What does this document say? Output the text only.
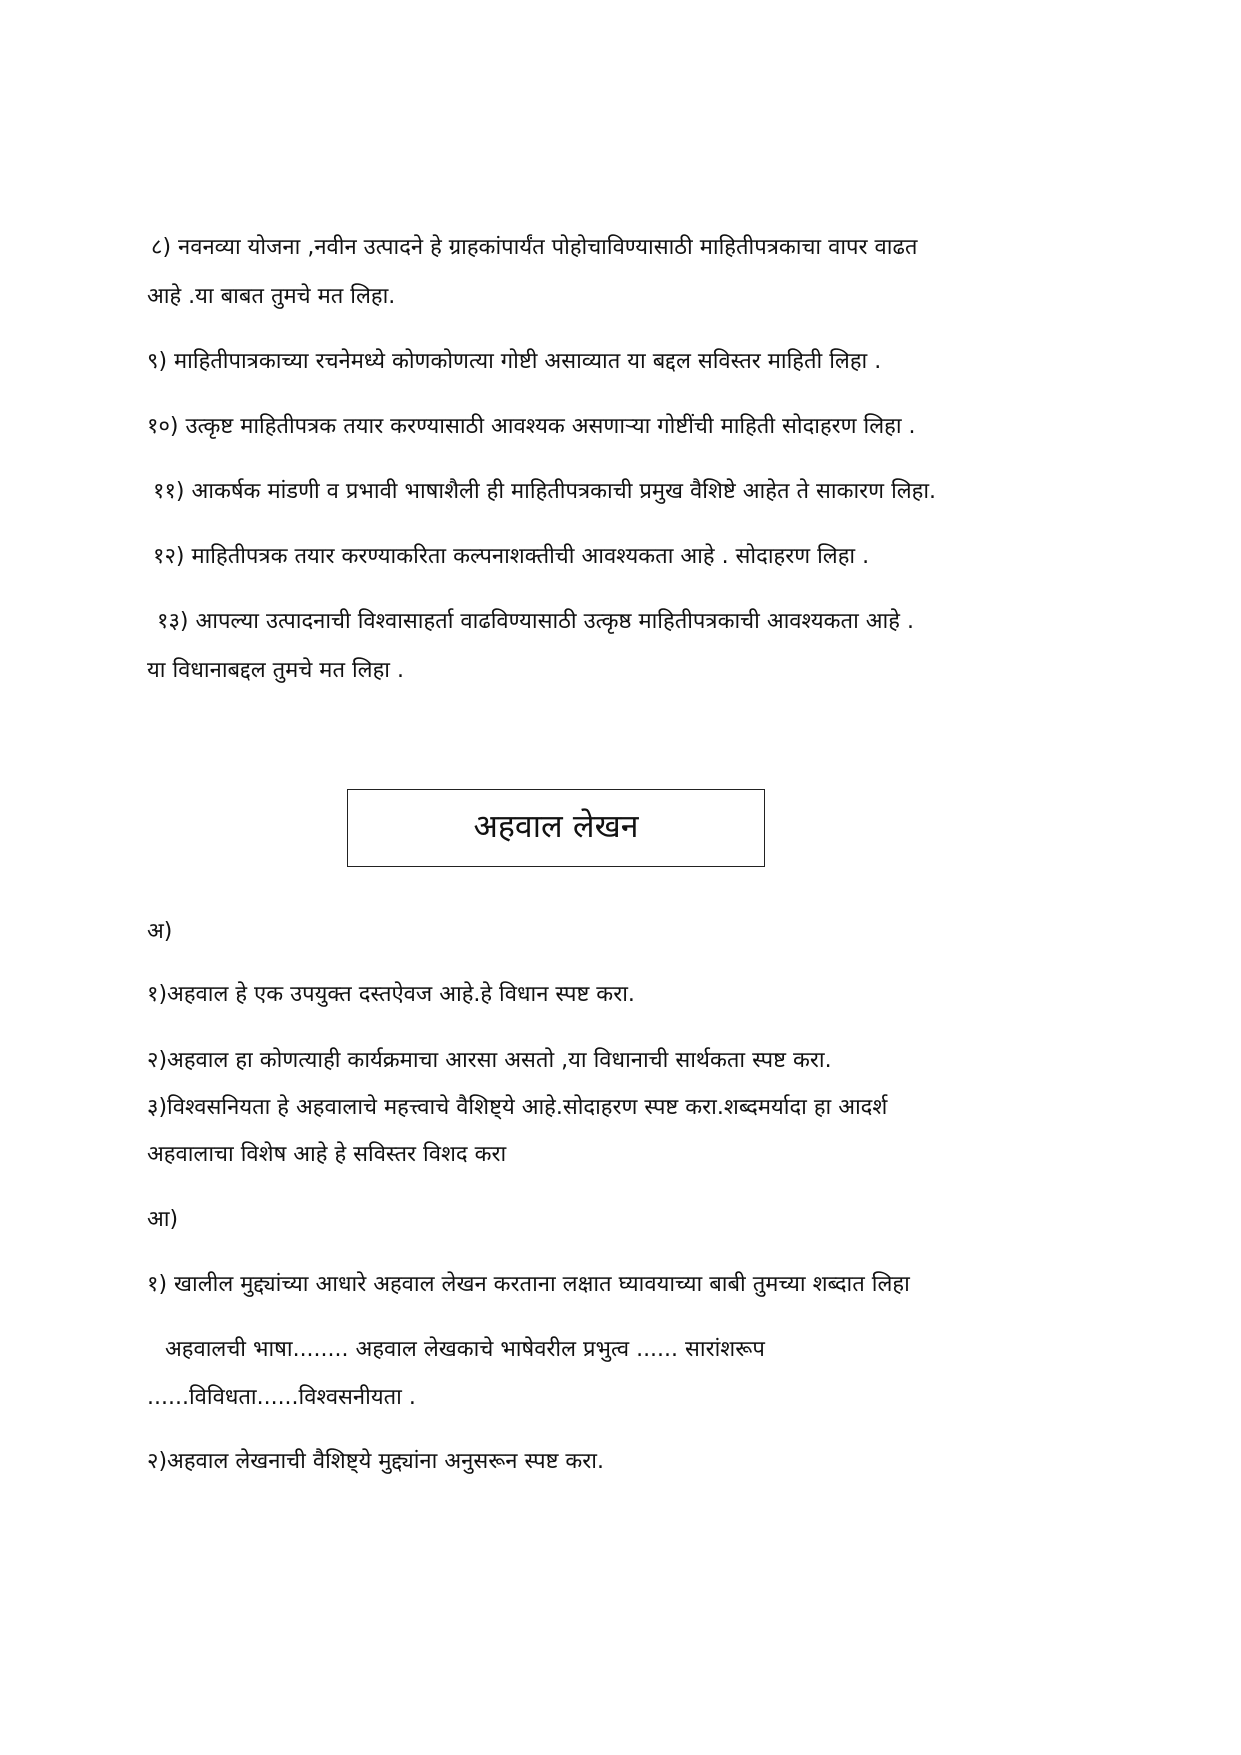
८) नवनव्या योजना ,नवीन उत्पादने हे ग्राहकांपार्यंत पोहोचाविण्यासाठी माहितीपत्रकाचा वापर वाढत
आहे .या बाबत तुमचे मत लिहा.
९) माहितीपात्रकाच्या रचनेमध्ये कोणकोणत्या गोष्टी असाव्यात या बद्दल सविस्तर माहिती लिहा .
१०) उत्कृष्ट माहितीपत्रक तयार करण्यासाठी आवश्यक असणाऱ्या गोष्टींची माहिती सोदाहरण लिहा .
११) आकर्षक मांडणी व प्रभावी भाषाशैली ही माहितीपत्रकाची प्रमुख वैशिष्टे आहेत ते साकारण लिहा.
१२) माहितीपत्रक तयार करण्याकरिता कल्पनाशक्तीची आवश्यकता आहे . सोदाहरण लिहा .
१३) आपल्या उत्पादनाची विश्वासाहर्ता वाढविण्यासाठी उत्कृष्ठ माहितीपत्रकाची आवश्यकता आहे .
या विधानाबद्दल तुमचे मत लिहा .
अहवाल लेखन
अ)
१)अहवाल हे एक उपयुक्त दस्तऐवज आहे.हे विधान स्पष्ट करा.
२)अहवाल हा कोणत्याही कार्यक्रमाचा आरसा असतो ,या विधानाची सार्थकता स्पष्ट करा.
३)विश्वसनियता हे अहवालाचे महत्त्वाचे वैशिष्ट्ये आहे.सोदाहरण स्पष्ट करा.शब्दमर्यादा हा आदर्श
अहवालाचा विशेष आहे हे सविस्तर विशद करा
आ)
१) खालील मुद्द्यांच्या आधारे अहवाल लेखन करताना लक्षात घ्यावयाच्या बाबी तुमच्या शब्दात लिहा
अहवालची भाषा........ अहवाल लेखकाचे भाषेवरील प्रभुत्व ...... सारांशरूप
......विविधता......विश्वसनीयता .
२)अहवाल लेखनाची वैशिष्ट्ये मुद्द्यांना अनुसरून स्पष्ट करा.
